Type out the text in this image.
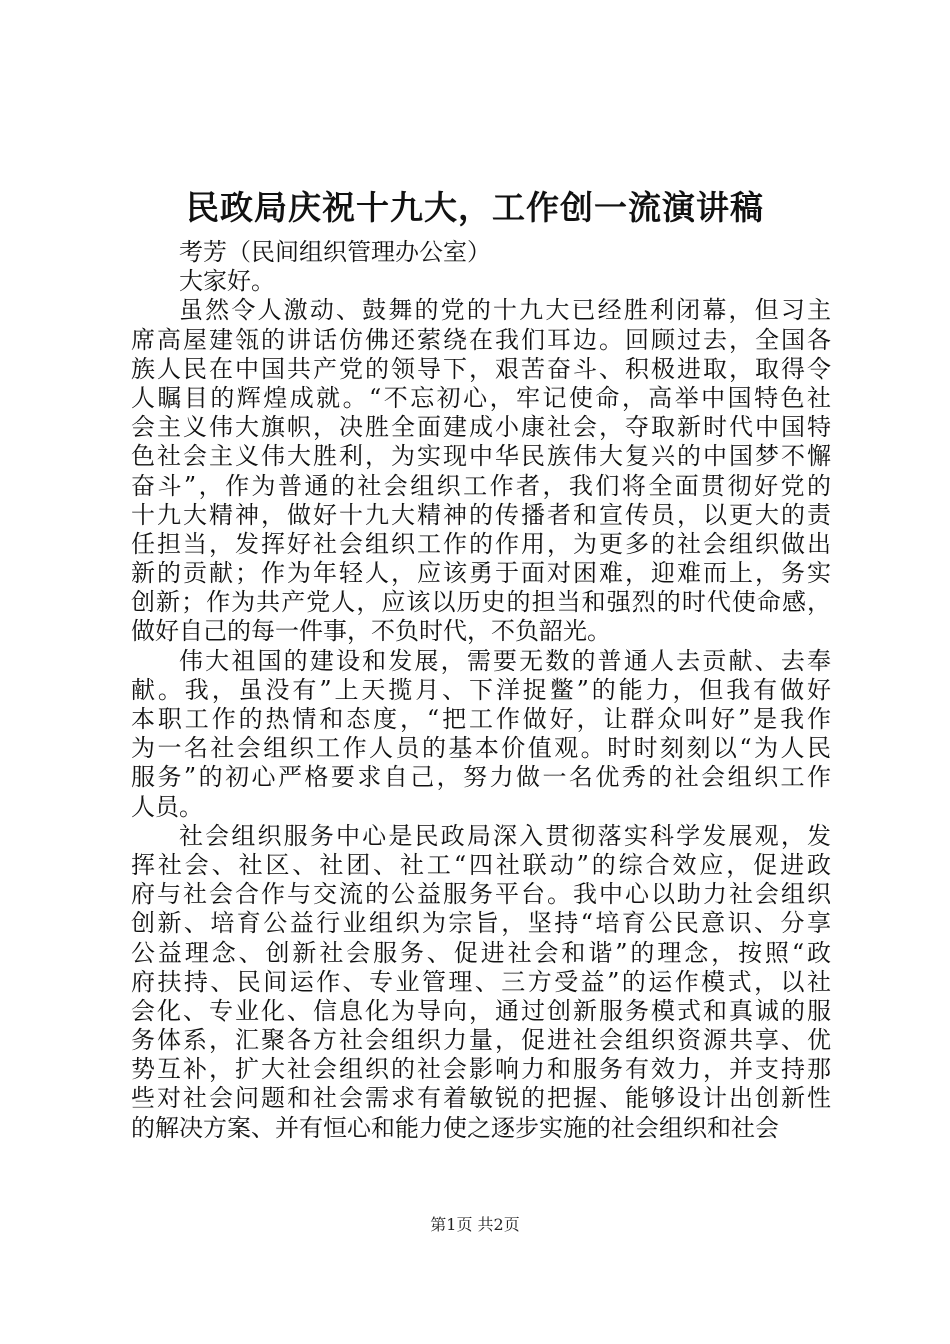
民政局庆祝十九大，工作创一流演讲稿
考芳（民间组织管理办公室）
大家好。
虽然令人激动、鼓舞的党的十九大已经胜利闭幕，但习主
席高屋建瓴的讲话仿佛还萦绕在我们耳边。回顾过去，全国各
族人民在中国共产党的领导下，艰苦奋斗、积极进取，取得令
人瞩目的辉煌成就。“不忘初心，牢记使命，高举中国特色社
会主义伟大旗帜，决胜全面建成小康社会，夺取新时代中国特
色社会主义伟大胜利，为实现中华民族伟大复兴的中国梦不懈
奋斗”，作为普通的社会组织工作者，我们将全面贯彻好党的
十九大精神，做好十九大精神的传播者和宣传员，以更大的责
任担当，发挥好社会组织工作的作用，为更多的社会组织做出
新的贡献；作为年轻人，应该勇于面对困难，迎难而上，务实
创新；作为共产党人，应该以历史的担当和强烈的时代使命感，
做好自己的每一件事，不负时代，不负韶光。
伟大祖国的建设和发展，需要无数的普通人去贡献、去奉
献。我，虽没有”上天揽月、下洋捉鳖”的能力，但我有做好
本职工作的热情和态度，“把工作做好，让群众叫好”是我作
为一名社会组织工作人员的基本价值观。时时刻刻以“为人民
服务”的初心严格要求自己，努力做一名优秀的社会组织工作
人员。
社会组织服务中心是民政局深入贯彻落实科学发展观，发
挥社会、社区、社团、社工“四社联动”的综合效应，促进政
府与社会合作与交流的公益服务平台。我中心以助力社会组织
创新、培育公益行业组织为宗旨，坚持“培育公民意识、分享
公益理念、创新社会服务、促进社会和谐”的理念，按照“政
府扶持、民间运作、专业管理、三方受益”的运作模式，以社
会化、专业化、信息化为导向，通过创新服务模式和真诚的服
务体系，汇聚各方社会组织力量，促进社会组织资源共享、优
势互补，扩大社会组织的社会影响力和服务有效力，并支持那
些对社会问题和社会需求有着敏锐的把握、能够设计出创新性
的解决方案、并有恒心和能力使之逐步实施的社会组织和社会
第1页 共2页
